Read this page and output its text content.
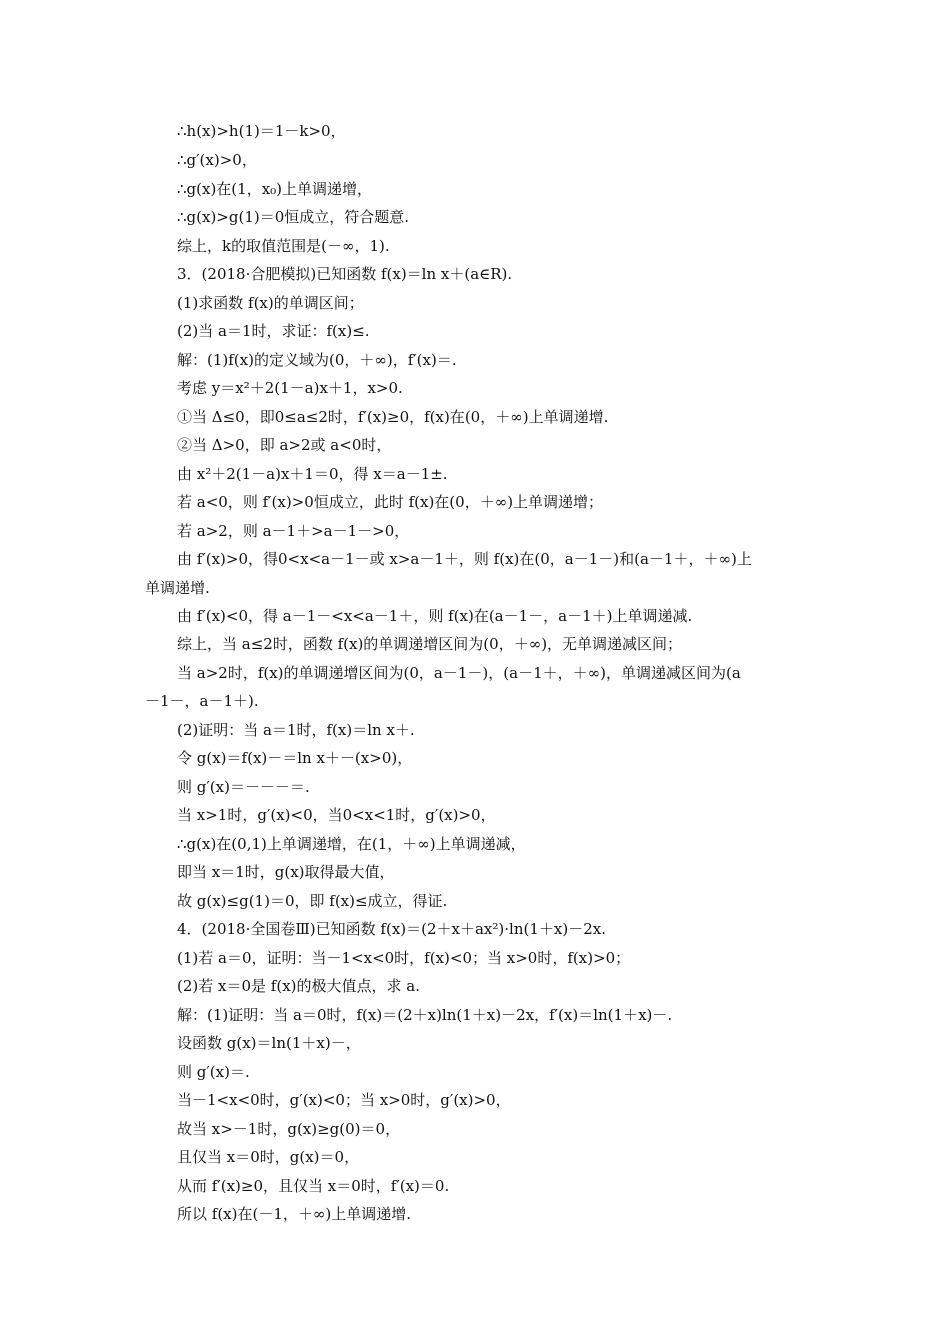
∴h(x)>h(1)＝1－k>0，
∴g′(x)>0，
∴g(x)在(1，x₀)上单调递增，
∴g(x)>g(1)＝0恒成立，符合题意.
综上，k的取值范围是(－∞，1).
3．(2018·合肥模拟)已知函数 f(x)＝ln x＋(a∈R).
(1)求函数 f(x)的单调区间；
(2)当 a＝1时，求证：f(x)≤.
解：(1)f(x)的定义域为(0，＋∞)，f′(x)＝.
考虑 y＝x²＋2(1－a)x＋1，x>0.
①当 Δ≤0，即0≤a≤2时，f′(x)≥0，f(x)在(0，＋∞)上单调递增.
②当 Δ>0，即 a>2或 a<0时，
由 x²＋2(1－a)x＋1＝0，得 x＝a－1±.
若 a<0，则 f′(x)>0恒成立，此时 f(x)在(0，＋∞)上单调递增；
若 a>2，则 a－1＋>a－1－>0，
由 f′(x)>0，得0<x<a－1－或 x>a－1＋，则 f(x)在(0，a－1－)和(a－1＋，＋∞)上
单调递增.
由 f′(x)<0，得 a－1－<x<a－1＋，则 f(x)在(a－1－，a－1＋)上单调递减.
综上，当 a≤2时，函数 f(x)的单调递增区间为(0，＋∞)，无单调递减区间；
当 a>2时，f(x)的单调递增区间为(0，a－1－)，(a－1＋，＋∞)，单调递减区间为(a
－1－，a－1＋).
(2)证明：当 a＝1时，f(x)＝ln x＋.
令 g(x)＝f(x)－＝ln x＋－(x>0)，
则 g′(x)＝－－－＝.
当 x>1时，g′(x)<0，当0<x<1时，g′(x)>0，
∴g(x)在(0,1)上单调递增，在(1，＋∞)上单调递减，
即当 x＝1时，g(x)取得最大值，
故 g(x)≤g(1)＝0，即 f(x)≤成立，得证.
4．(2018·全国卷Ⅲ)已知函数 f(x)＝(2＋x＋ax²)·ln(1＋x)－2x.
(1)若 a＝0，证明：当－1<x<0时，f(x)<0；当 x>0时，f(x)>0；
(2)若 x＝0是 f(x)的极大值点，求 a.
解：(1)证明：当 a＝0时，f(x)＝(2＋x)ln(1＋x)－2x，f′(x)＝ln(1＋x)－.
设函数 g(x)＝ln(1＋x)－，
则 g′(x)＝.
当－1<x<0时，g′(x)<0；当 x>0时，g′(x)>0，
故当 x>－1时，g(x)≥g(0)＝0，
且仅当 x＝0时，g(x)＝0，
从而 f′(x)≥0，且仅当 x＝0时，f′(x)＝0.
所以 f(x)在(－1，＋∞)上单调递增.
